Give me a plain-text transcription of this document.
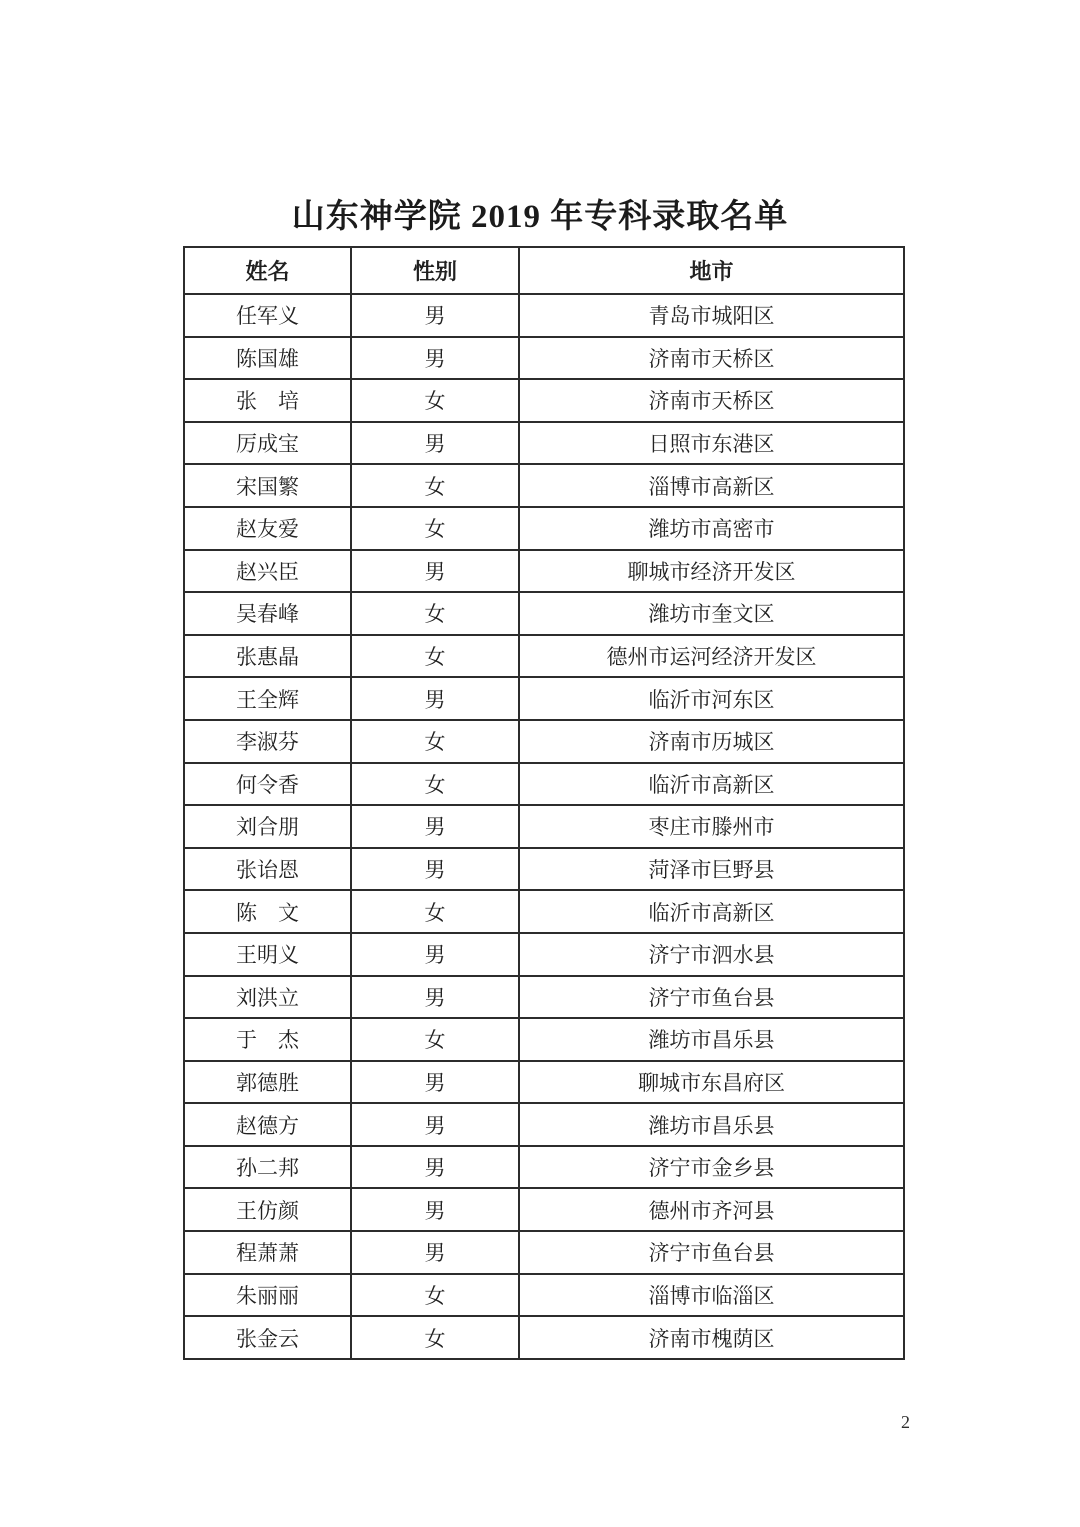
山东神学院 2019 年专科录取名单
姓名	性别	地市
任军义	男	青岛市城阳区
陈国雄	男	济南市天桥区
张　培	女	济南市天桥区
厉成宝	男	日照市东港区
宋国繁	女	淄博市高新区
赵友爱	女	潍坊市高密市
赵兴臣	男	聊城市经济开发区
吴春峰	女	潍坊市奎文区
张惠晶	女	德州市运河经济开发区
王全辉	男	临沂市河东区
李淑芬	女	济南市历城区
何令香	女	临沂市高新区
刘合朋	男	枣庄市滕州市
张诒恩	男	菏泽市巨野县
陈　文	女	临沂市高新区
王明义	男	济宁市泗水县
刘洪立	男	济宁市鱼台县
于　杰	女	潍坊市昌乐县
郭德胜	男	聊城市东昌府区
赵德方	男	潍坊市昌乐县
孙二邦	男	济宁市金乡县
王仿颜	男	德州市齐河县
程萧萧	男	济宁市鱼台县
朱丽丽	女	淄博市临淄区
张金云	女	济南市槐荫区
2
